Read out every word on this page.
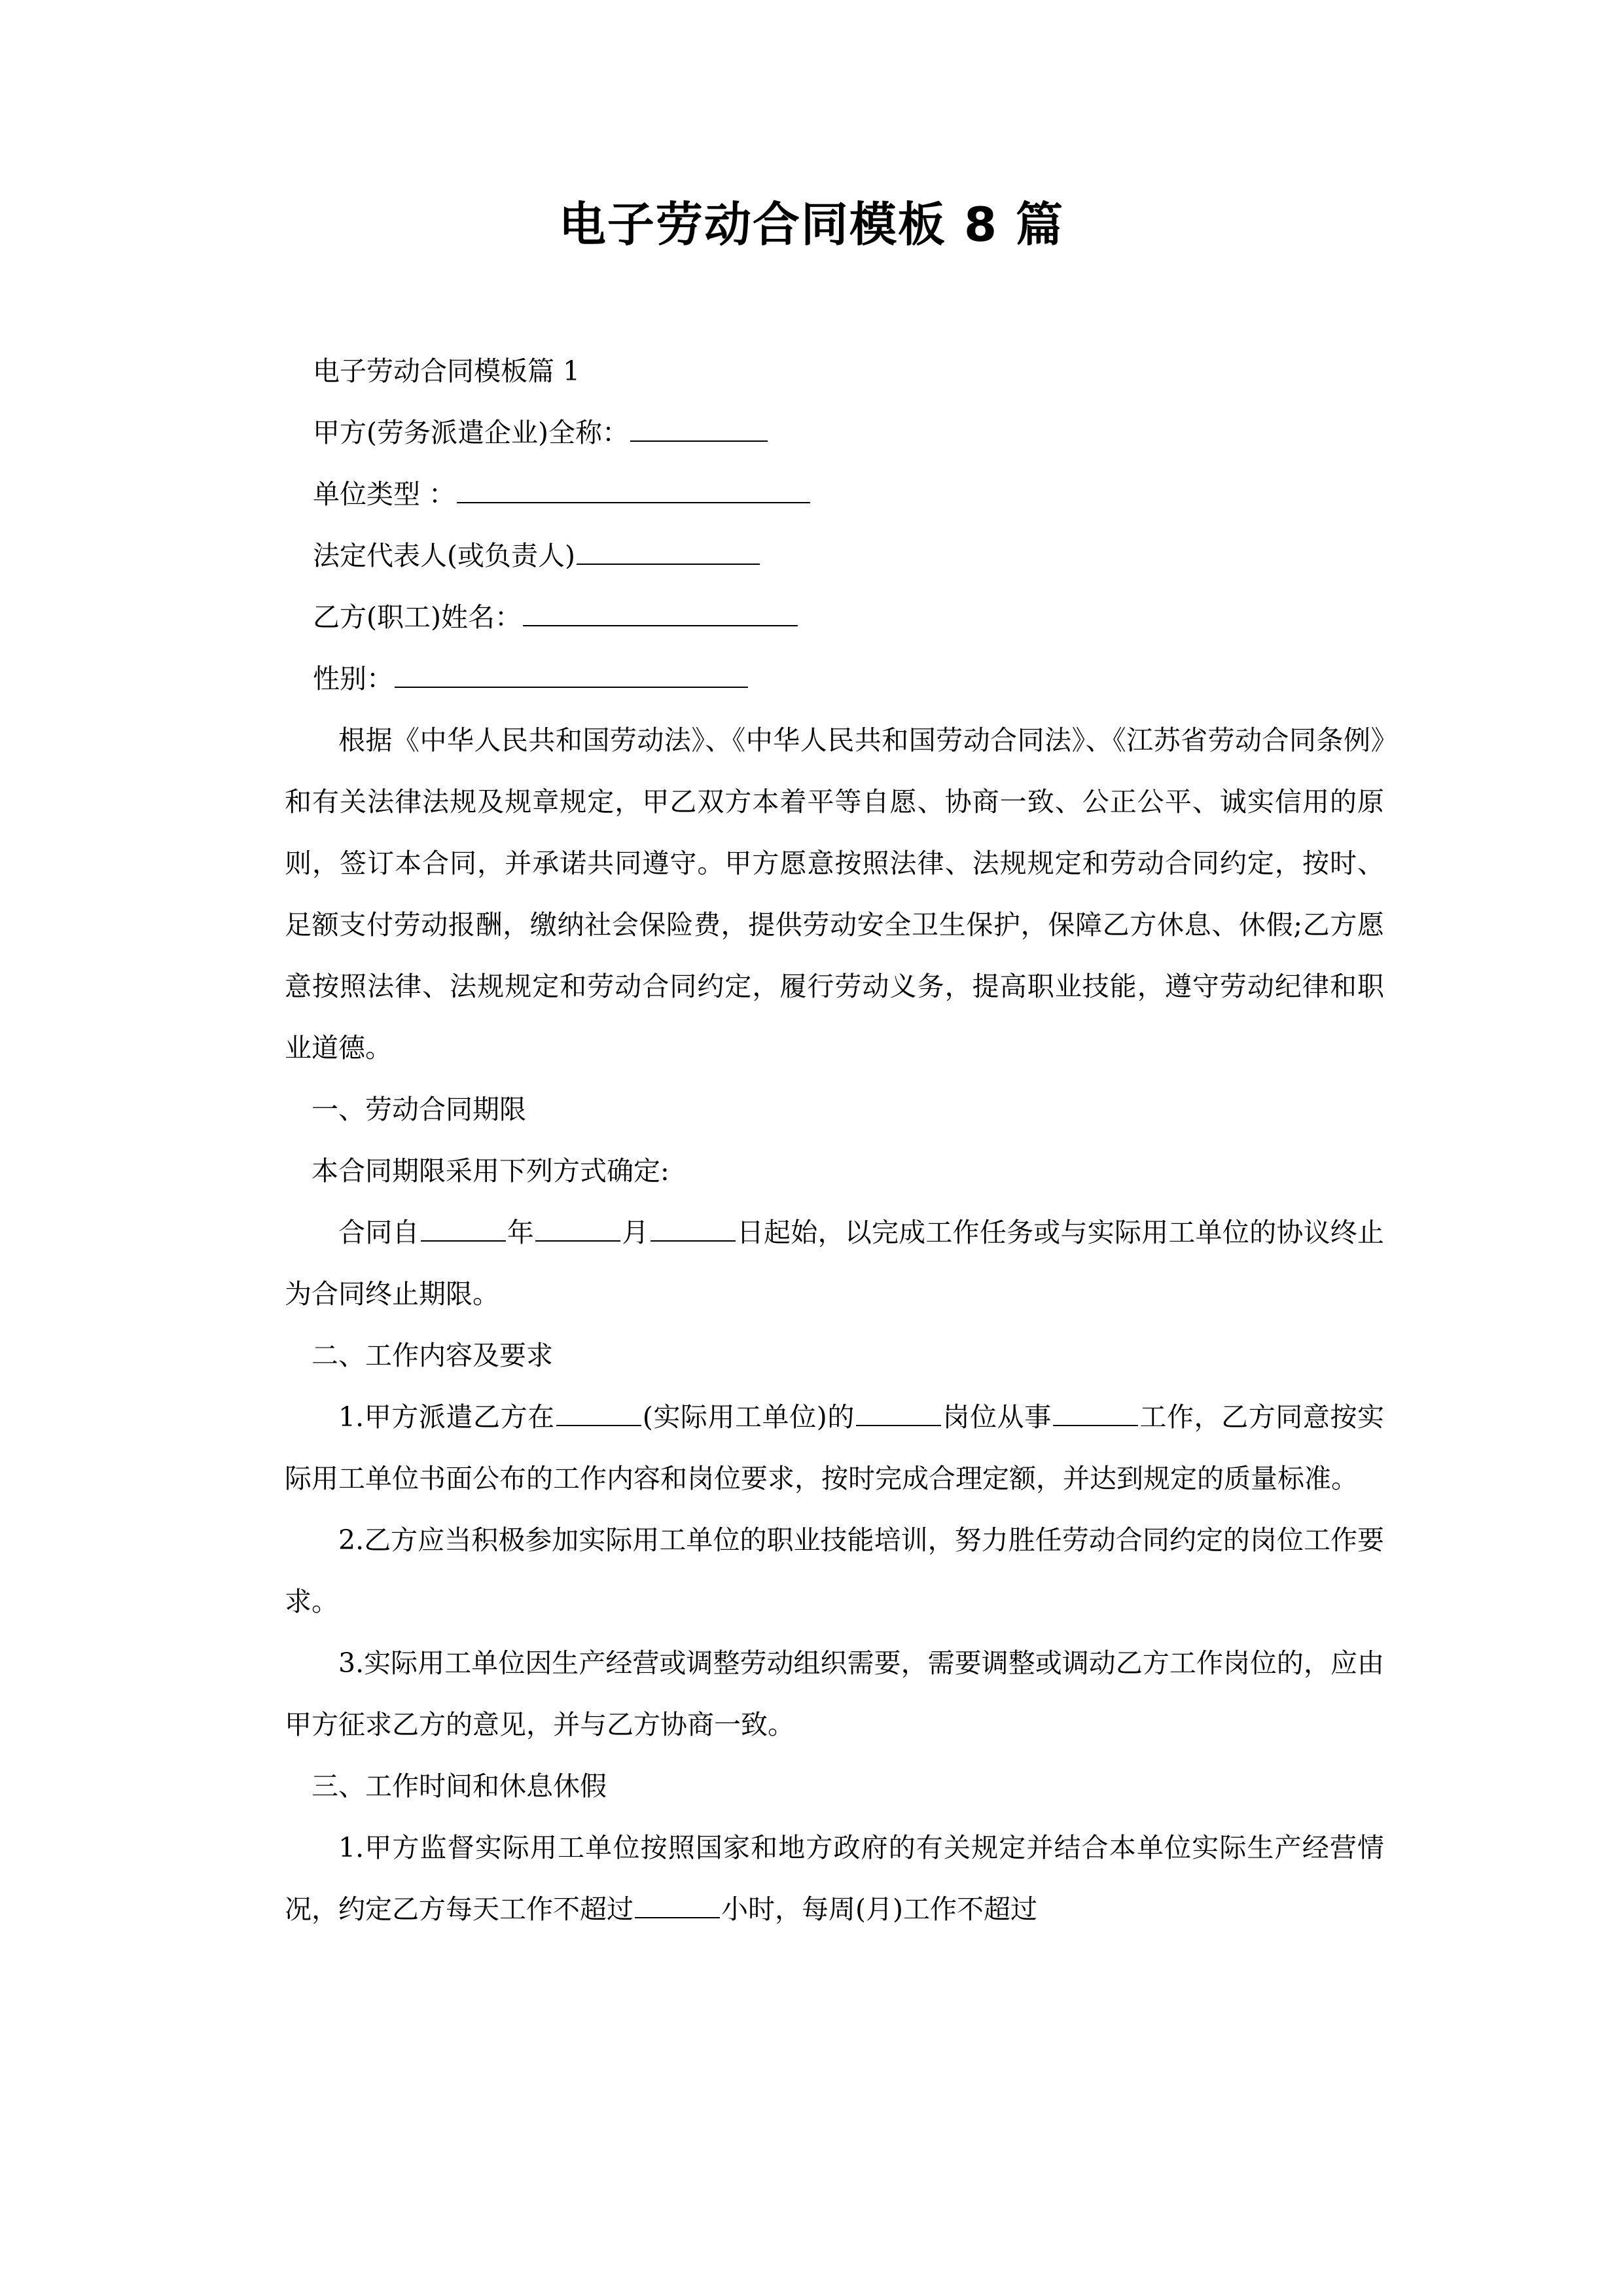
电子劳动合同模板 8 篇
电子劳动合同模板篇 1
甲方(劳务派遣企业)全称：
单位类型 ：
法定代表人(或负责人)
乙方(职工)姓名：
性别：

根据《中华人民共和国劳动法》、《中华人民共和国劳动合同法》、《江苏省劳动合同条例》和有关法律法规及规章规定，甲乙双方本着平等自愿、协商一致、公正公平、诚实信用的原则，签订本合同，并承诺共同遵守。甲方愿意按照法律、法规规定和劳动合同约定，按时、足额支付劳动报酬，缴纳社会保险费，提供劳动安全卫生保护，保障乙方休息、休假;乙方愿意按照法律、法规规定和劳动合同约定，履行劳动义务，提高职业技能，遵守劳动纪律和职业道德。

一、劳动合同期限

本合同期限采用下列方式确定:

合同自	年	月	日起始，以完成工作任务或与实际用工单位的协议终止为合同终止期限。

二、工作内容及要求

1.甲方派遣乙方在	(实际用工单位)的	岗位从事	工作，乙方同意按实际用工单位书面公布的工作内容和岗位要求，按时完成合理定额，并达到规定的质量标准。

2.乙方应当积极参加实际用工单位的职业技能培训，努力胜任劳动合同约定的岗位工作要求。

3.实际用工单位因生产经营或调整劳动组织需要，需要调整或调动乙方工作岗位的，应由甲方征求乙方的意见，并与乙方协商一致。

三、工作时间和休息休假

1.甲方监督实际用工单位按照国家和地方政府的有关规定并结合本单位实际生产经营情况，约定乙方每天工作不超过	小时，每周(月)工作不超过
